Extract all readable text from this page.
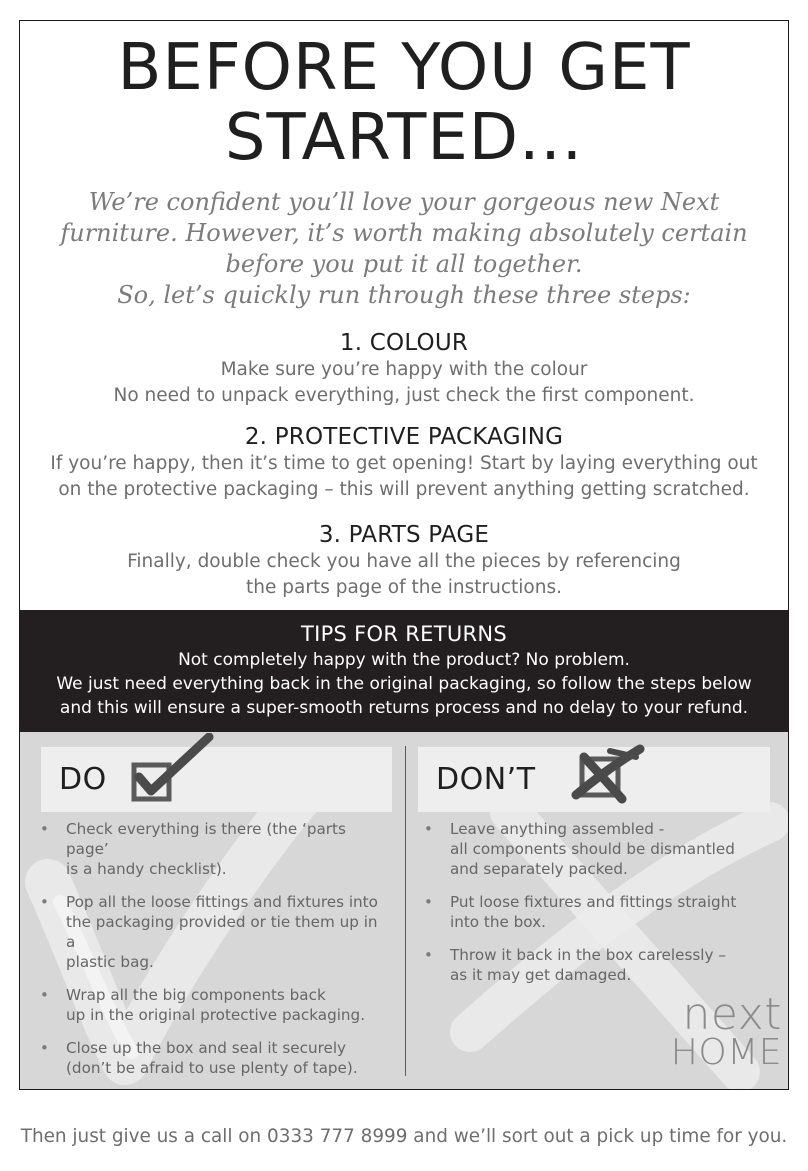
BEFORE YOU GET
STARTED...
We’re confident you’ll love your gorgeous new Next
furniture. However, it’s worth making absolutely certain
before you put it all together.
So, let’s quickly run through these three steps:
1. COLOUR

Make sure you’re happy with the colour
No need to unpack everything, just check the first component.

2. PROTECTIVE PACKAGING

If you’re happy, then it’s time to get opening! Start by laying everything out
on the protective packaging – this will prevent anything getting scratched.

3. PARTS PAGE

Finally, double check you have all the pieces by referencing
the parts page of the instructions.

TIPS FOR RETURNS

Not completely happy with the product? No problem.
We just need everything back in the original packaging, so follow the steps below
and this will ensure a super-smooth returns process and no delay to your refund.

DO	DON’T
• Check everything is there (the ‘parts page’
is a handy checklist).
• Pop all the loose fittings and fixtures into
the packaging provided or tie them up in a
plastic bag.
• Wrap all the big components back
up in the original protective packaging.
• Close up the box and seal it securely
(don’t be afraid to use plenty of tape).
• Leave anything assembled -
all components should be dismantled
and separately packed.
• Put loose fixtures and fittings straight
into the box.
• Throw it back in the box carelessly –
as it may get damaged.
next
HOME
Then just give us a call on 0333 777 8999 and we’ll sort out a pick up time for you.
